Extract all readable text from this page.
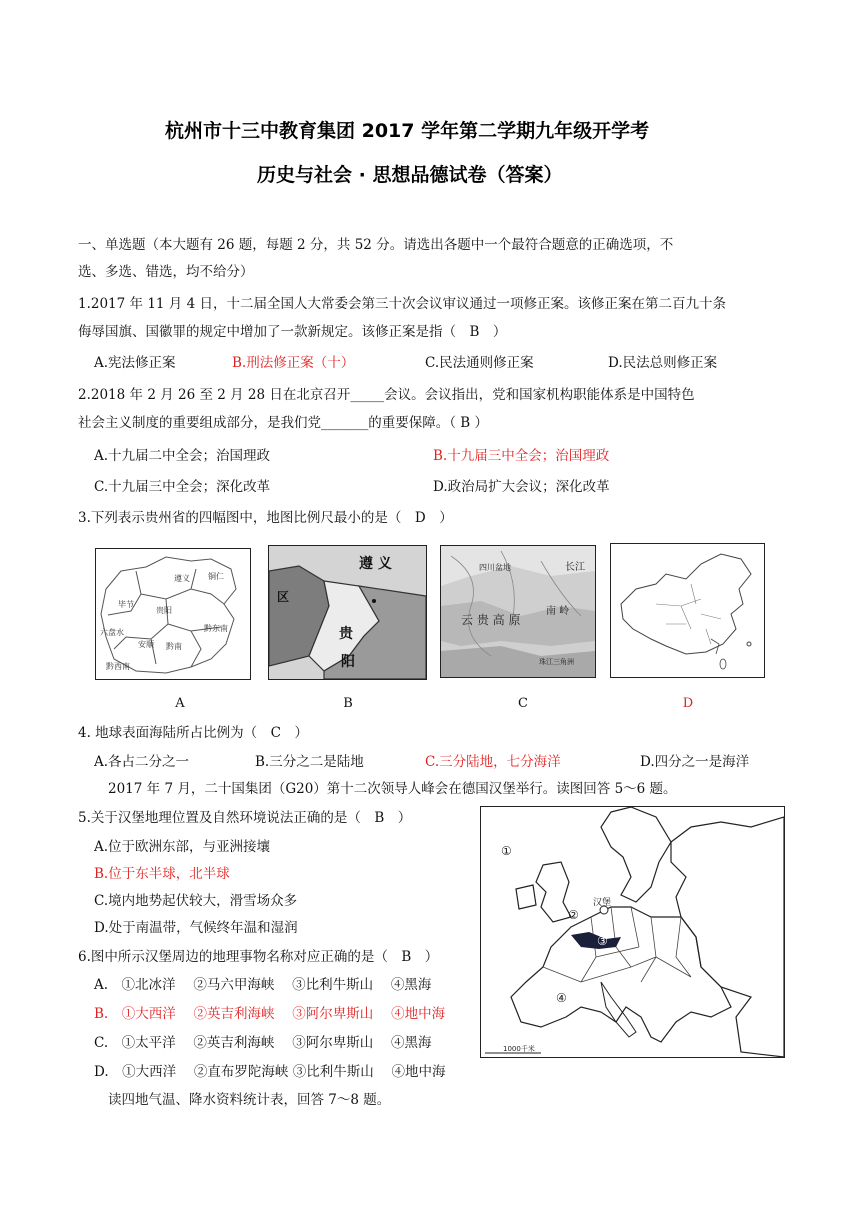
杭州市十三中教育集团 2017 学年第二学期九年级开学考
历史与社会 · 思想品德试卷（答案）
一、单选题（本大题有 26 题，每题 2 分，共 52 分。请选出各题中一个最符合题意的正确选项，不
选、多选、错选，均不给分）
1.2017 年 11 月 4 日，十二届全国人大常委会第三十次会议审议通过一项修正案。该修正案在第二百九十条
侮辱国旗、国徽罪的规定中增加了一款新规定。该修正案是指（　B　）
A.宪法修正案	B.刑法修正案（十）	C.民法通则修正案	D.民法总则修正案
2.2018 年 2 月 26 至 2 月 28 日在北京召开_____会议。会议指出，党和国家机构职能体系是中国特色
社会主义制度的重要组成部分，是我们党_______的重要保障。（ B ）
A.十九届二中全会；治国理政	B.十九届三中全会；治国理政
C.十九届三中全会；深化改革	D.政治局扩大会议；深化改革
3.下列表示贵州省的四幅图中，地图比例尺最小的是（　D　）
遵义 铜仁
毕节
贵阳
六盘水
安顺 黔南
黔东南
黔西南
遵 义
区
贵
阳
四川盆地	长江
云 贵 高 原
南 岭
珠江三角洲
A	B	C	D
4. 地球表面海陆所占比例为（　C　）
A.各占二分之一	B.三分之二是陆地	C.三分陆地，七分海洋	D.四分之一是海洋
2017 年 7 月，二十国集团（G20）第十二次领导人峰会在德国汉堡举行。读图回答 5～6 题。
5.关于汉堡地理位置及自然环境说法正确的是（　B　）
A.位于欧洲东部，与亚洲接壤
B.位于东半球，北半球
C.境内地势起伏较大，滑雪场众多
D.处于南温带，气候终年温和湿润
6.图中所示汉堡周边的地理事物名称对应正确的是（　B　）
A.　①北冰洋　 ②马六甲海峡　 ③比利牛斯山　 ④黑海
B.　①大西洋　 ②英吉利海峡　 ③阿尔卑斯山　 ④地中海
C.　①太平洋　 ②英吉利海峡　 ③阿尔卑斯山　 ④黑海
D.　①大西洋　 ②直布罗陀海峡 ③比利牛斯山　 ④地中海
读四地气温、降水资料统计表，回答 7～8 题。
①
②
③
④
汉堡
1000千米
